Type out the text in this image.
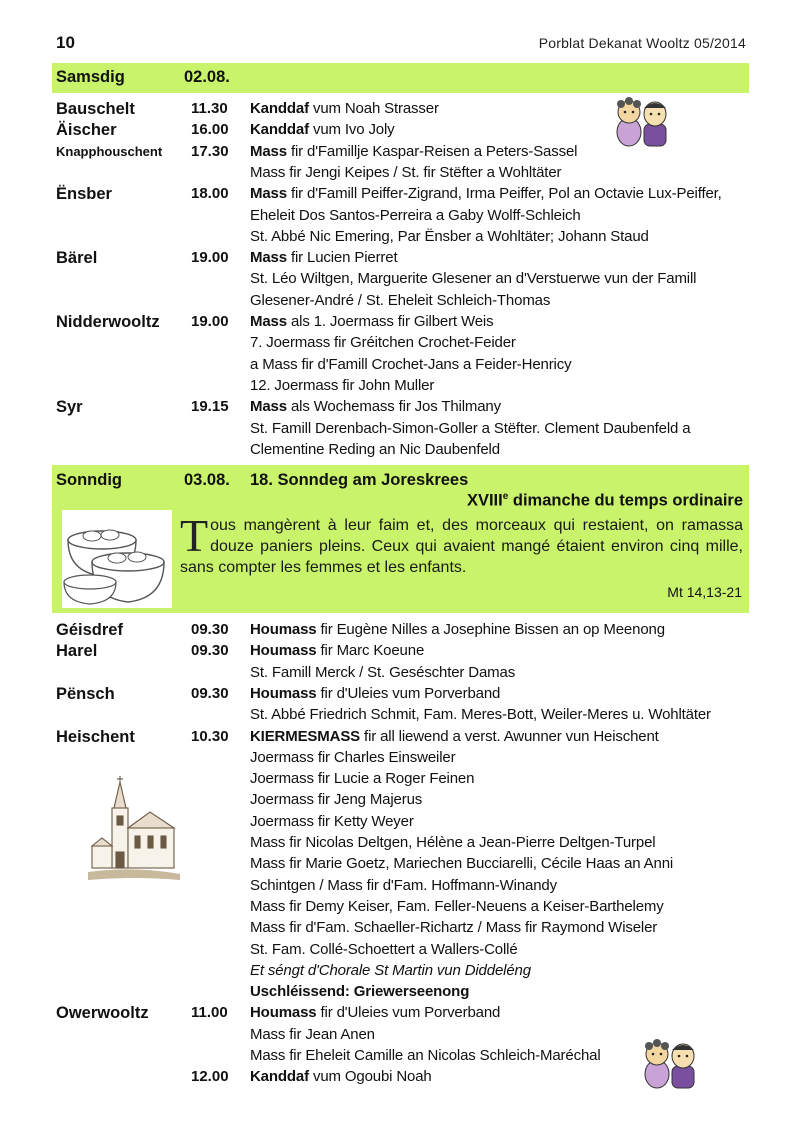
10	Porblat Dekanat Wooltz 05/2014
Samsdig	02.08.
Bauschelt	11.30 Kanddaf vum Noah Strasser
Äischer	16.00 Kanddaf vum Ivo Joly
Knapphouschent 17.30 Mass fir d'Famillje Kaspar-Reisen a Peters-Sassel
Mass fir Jengi Keipes / St. fir Stëfter a Wohltäter
Ënsber	18.00 Mass fir d'Famill Peiffer-Zigrand, Irma Peiffer, Pol an Octavie Lux-Peiffer,
Eheleit Dos Santos-Perreira a Gaby Wolff-Schleich
St. Abbé Nic Emering, Par Ënsber a Wohltäter; Johann Staud
Bärel	19.00 Mass fir Lucien Pierret
St. Léo Wiltgen, Marguerite Glesener an d'Verstuerwe vun der Famill
Glesener-André / St. Eheleit Schleich-Thomas
Nidderwooltz 19.00 Mass als 1. Joermass fir Gilbert Weis
7. Joermass fir Gréitchen Crochet-Feider
a Mass fir d'Famill Crochet-Jans a Feider-Henricy
12. Joermass fir John Muller
Syr	19.15 Mass als Wochemass fir Jos Thilmany
St. Famill Derenbach-Simon-Goller a Stëfter. Clement Daubenfeld a
Clementine Reding an Nic Daubenfeld
Sonndig	03.08. 18. Sonndeg am Joreskrees
XVIIIe dimanche du temps ordinaire
Tous mangèrent à leur faim et, des morceaux qui restaient, on ramassa douze paniers pleins. Ceux qui avaient mangé étaient environ cinq mille, sans compter les femmes et les enfants.
Mt 14,13-21
Géisdref	09.30 Houmass fir Eugène Nilles a Josephine Bissen an op Meenong
Harel	09.30 Houmass fir Marc Koeune
St. Famill Merck / St. Geséschter Damas
Pënsch	09.30 Houmass fir d'Uleies vum Porverband
St. Abbé Friedrich Schmit, Fam. Meres-Bott, Weiler-Meres u. Wohltäter
Heischent	10.30 KIERMESMASS fir all liewend a verst. Awunner vun Heischent
Joermass fir Charles Einsweiler
Joermass fir Lucie a Roger Feinen
Joermass fir Jeng Majerus
Joermass fir Ketty Weyer
Mass fir Nicolas Deltgen, Hélène a Jean-Pierre Deltgen-Turpel
Mass fir Marie Goetz, Mariechen Bucciarelli, Cécile Haas an Anni
Schintgen / Mass fir d'Fam. Hoffmann-Winandy
Mass fir Demy Keiser, Fam. Feller-Neuens a Keiser-Barthelemy
Mass fir d'Fam. Schaeller-Richartz / Mass fir Raymond Wiseler
St. Fam. Collé-Schoettert a Wallers-Collé
Et séngt d'Chorale St Martin vun Diddeléng
Uschléissend: Griewerseenong
Owerwooltz	11.00 Houmass fir d'Uleies vum Porverband
Mass fir Jean Anen
Mass fir Eheleit Camille an Nicolas Schleich-Maréchal
12.00 Kanddaf vum Ogoubi Noah
